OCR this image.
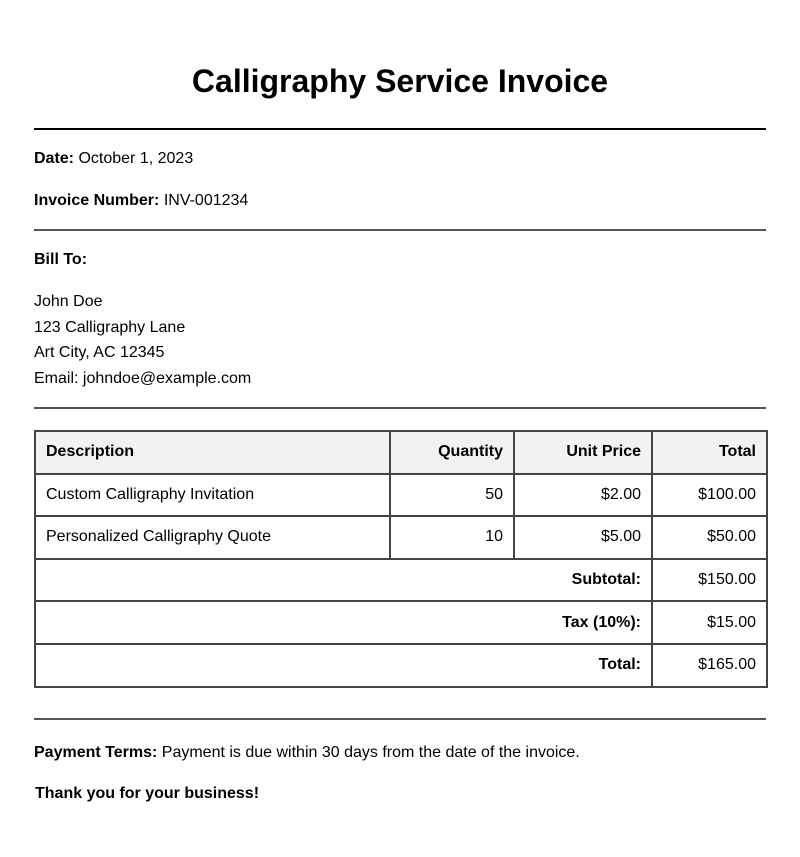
Calligraphy Service Invoice
Date: October 1, 2023
Invoice Number: INV-001234
Bill To:
John Doe
123 Calligraphy Lane
Art City, AC 12345
Email: johndoe@example.com
Description	Quantity	Unit Price	Total
Custom Calligraphy Invitation	50	$2.00	$100.00
Personalized Calligraphy Quote	10	$5.00	$50.00
Subtotal:			$150.00
Tax (10%):			$15.00
Total:			$165.00
Payment Terms: Payment is due within 30 days from the date of the invoice.
Thank you for your business!
